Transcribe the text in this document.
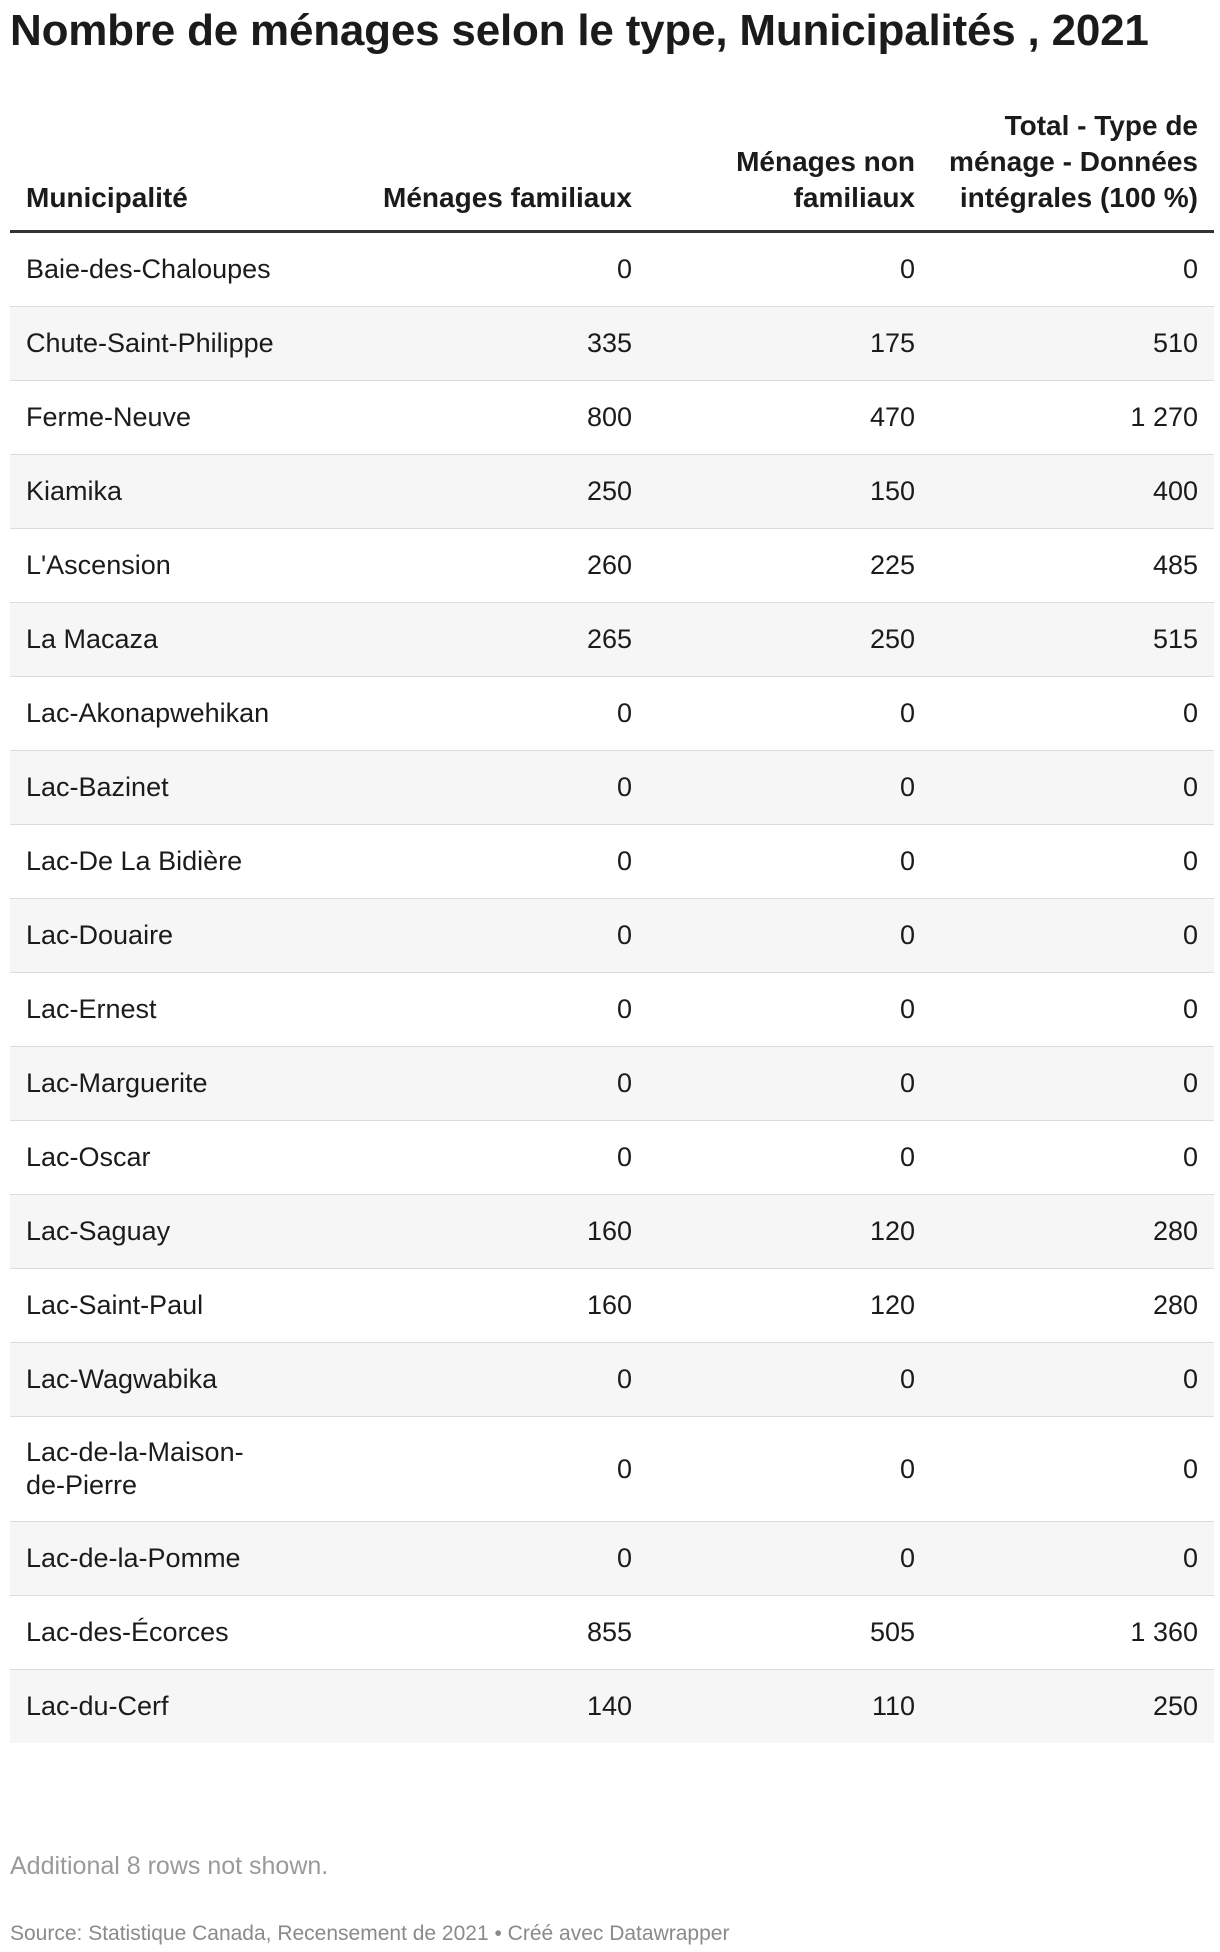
Nombre de ménages selon le type, Municipalités , 2021
Municipalité	Ménages familiaux	Ménages non familiaux	Total - Type de ménage - Données intégrales (100 %)
Baie-des-Chaloupes	0	0	0
Chute-Saint-Philippe	335	175	510
Ferme-Neuve	800	470	1 270
Kiamika	250	150	400
L'Ascension	260	225	485
La Macaza	265	250	515
Lac-Akonapwehikan	0	0	0
Lac-Bazinet	0	0	0
Lac-De La Bidière	0	0	0
Lac-Douaire	0	0	0
Lac-Ernest	0	0	0
Lac-Marguerite	0	0	0
Lac-Oscar	0	0	0
Lac-Saguay	160	120	280
Lac-Saint-Paul	160	120	280
Lac-Wagwabika	0	0	0
Lac-de-la-Maison-de-Pierre	0	0	0
Lac-de-la-Pomme	0	0	0
Lac-des-Écorces	855	505	1 360
Lac-du-Cerf	140	110	250
Additional 8 rows not shown.
Source: Statistique Canada, Recensement de 2021 • Créé avec Datawrapper
